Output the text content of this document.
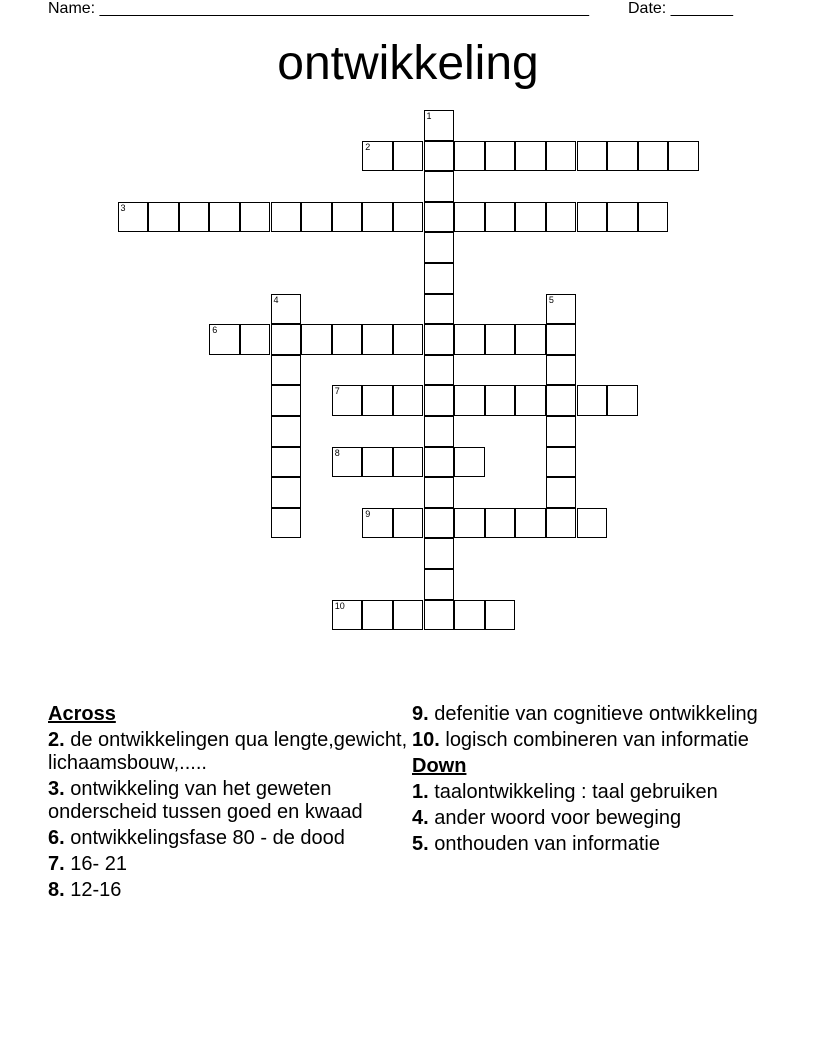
Name: _______________________________________________________ Date: _______
ontwikkeling
1
2
3
4	5
6
7
8
9
10
Across
2. de ontwikkelingen qua lengte,gewicht, lichaamsbouw,.....
3. ontwikkeling van het geweten onderscheid tussen goed en kwaad
6. ontwikkelingsfase 80 - de dood
7. 16- 21
8. 12-16
9. defenitie van cognitieve ontwikkeling
10. logisch combineren van informatie
Down
1. taalontwikkeling : taal gebruiken
4. ander woord voor beweging
5. onthouden van informatie
